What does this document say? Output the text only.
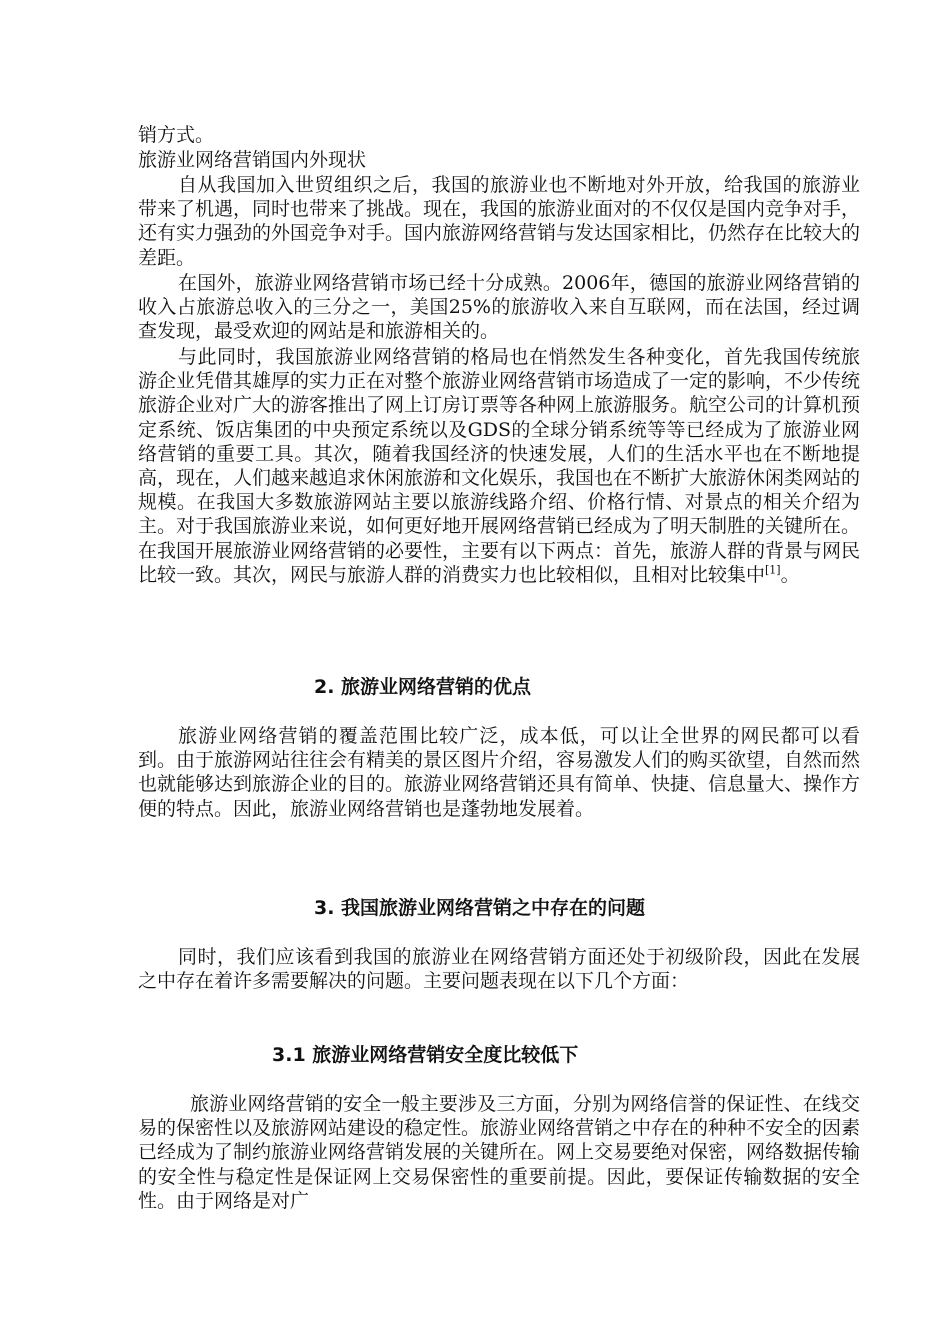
销方式。

旅游业网络营销国内外现状

自从我国加入世贸组织之后，我国的旅游业也不断地对外开放，给我国的旅游业带来了机遇，同时也带来了挑战。现在，我国的旅游业面对的不仅仅是国内竞争对手，还有实力强劲的外国竞争对手。国内旅游网络营销与发达国家相比，仍然存在比较大的差距。

在国外，旅游业网络营销市场已经十分成熟。2006年，德国的旅游业网络营销的收入占旅游总收入的三分之一，美国25%的旅游收入来自互联网，而在法国，经过调查发现，最受欢迎的网站是和旅游相关的。

与此同时，我国旅游业网络营销的格局也在悄然发生各种变化，首先我国传统旅游企业凭借其雄厚的实力正在对整个旅游业网络营销市场造成了一定的影响，不少传统旅游企业对广大的游客推出了网上订房订票等各种网上旅游服务。航空公司的计算机预定系统、饭店集团的中央预定系统以及GDS的全球分销系统等等已经成为了旅游业网络营销的重要工具。其次，随着我国经济的快速发展，人们的生活水平也在不断地提高，现在，人们越来越追求休闲旅游和文化娱乐，我国也在不断扩大旅游休闲类网站的规模。在我国大多数旅游网站主要以旅游线路介绍、价格行情、对景点的相关介绍为主。对于我国旅游业来说，如何更好地开展网络营销已经成为了明天制胜的关键所在。在我国开展旅游业网络营销的必要性，主要有以下两点：首先，旅游人群的背景与网民比较一致。其次，网民与旅游人群的消费实力也比较相似，且相对比较集中[1]。

2. 旅游业网络营销的优点

旅游业网络营销的覆盖范围比较广泛，成本低，可以让全世界的网民都可以看到。由于旅游网站往往会有精美的景区图片介绍，容易激发人们的购买欲望，自然而然也就能够达到旅游企业的目的。旅游业网络营销还具有简单、快捷、信息量大、操作方便的特点。因此，旅游业网络营销也是蓬勃地发展着。

3. 我国旅游业网络营销之中存在的问题

同时，我们应该看到我国的旅游业在网络营销方面还处于初级阶段，因此在发展之中存在着许多需要解决的问题。主要问题表现在以下几个方面：

3.1 旅游业网络营销安全度比较低下

旅游业网络营销的安全一般主要涉及三方面，分别为网络信誉的保证性、在线交易的保密性以及旅游网站建设的稳定性。旅游业网络营销之中存在的种种不安全的因素已经成为了制约旅游业网络营销发展的关键所在。网上交易要绝对保密，网络数据传输的安全性与稳定性是保证网上交易保密性的重要前提。因此，要保证传输数据的安全性。由于网络是对广
